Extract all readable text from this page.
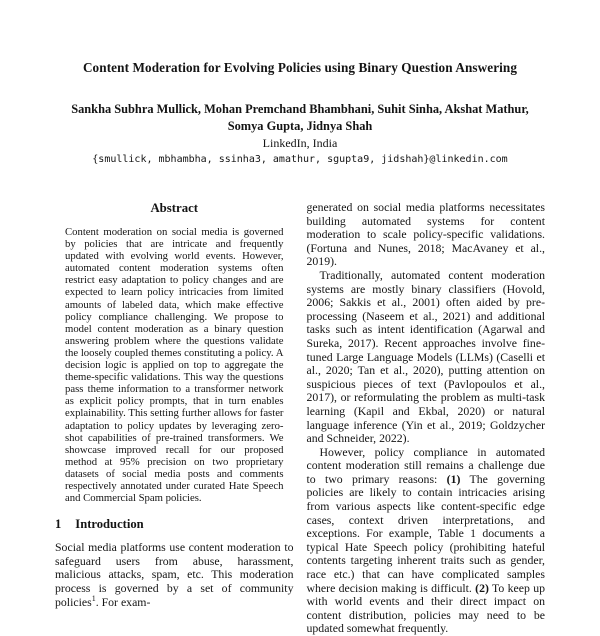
Content Moderation for Evolving Policies using Binary Question Answering
Sankha Subhra Mullick, Mohan Premchand Bhambhani, Suhit Sinha, Akshat Mathur,
Somya Gupta, Jidnya Shah
LinkedIn, India
{smullick, mbhambha, ssinha3, amathur, sgupta9, jidshah}@linkedin.com
Abstract

Content moderation on social media is governed by policies that are intricate and frequently updated with evolving world events. However, automated content moderation systems often restrict easy adaptation to policy changes and are expected to learn policy intricacies from limited amounts of labeled data, which make effective policy compliance challenging. We propose to model content moderation as a binary question answering problem where the questions validate the loosely coupled themes constituting a policy. A decision logic is applied on top to aggregate the theme-specific validations. This way the questions pass theme information to a transformer network as explicit policy prompts, that in turn enables explainability. This setting further allows for faster adaptation to policy updates by leveraging zero-shot capabilities of pre-trained transformers. We showcase improved recall for our proposed method at 95% precision on two proprietary datasets of social media posts and comments respectively annotated under curated Hate Speech and Commercial Spam policies.

1 Introduction

Social media platforms use content moderation to safeguard users from abuse, harassment, malicious attacks, spam, etc. This moderation process is governed by a set of community policies$^1$. For exam-

generated on social media platforms necessitates building automated systems for content moderation to scale policy-specific validations. (Fortuna and Nunes, 2018; MacAvaney et al., 2019).

Traditionally, automated content moderation systems are mostly binary classifiers (Hovold, 2006; Sakkis et al., 2001) often aided by pre-processing (Naseem et al., 2021) and additional tasks such as intent identification (Agarwal and Sureka, 2017). Recent approaches involve fine-tuned Large Language Models (LLMs) (Caselli et al., 2020; Tan et al., 2020), putting attention on suspicious pieces of text (Pavlopoulos et al., 2017), or reformulating the problem as multi-task learning (Kapil and Ekbal, 2020) or natural language inference (Yin et al., 2019; Goldzycher and Schneider, 2022).

However, policy compliance in automated content moderation still remains a challenge due to two primary reasons: (1) The governing policies are likely to contain intricacies arising from various aspects like content-specific edge cases, context driven interpretations, and exceptions. For example, Table 1 documents a typical Hate Speech policy (prohibiting hateful contents targeting inherent traits such as gender, race etc.) that can have complicated samples where decision making is difficult. (2) To keep up with world events and their direct impact on content distribution, policies may need to be updated somewhat frequently.
